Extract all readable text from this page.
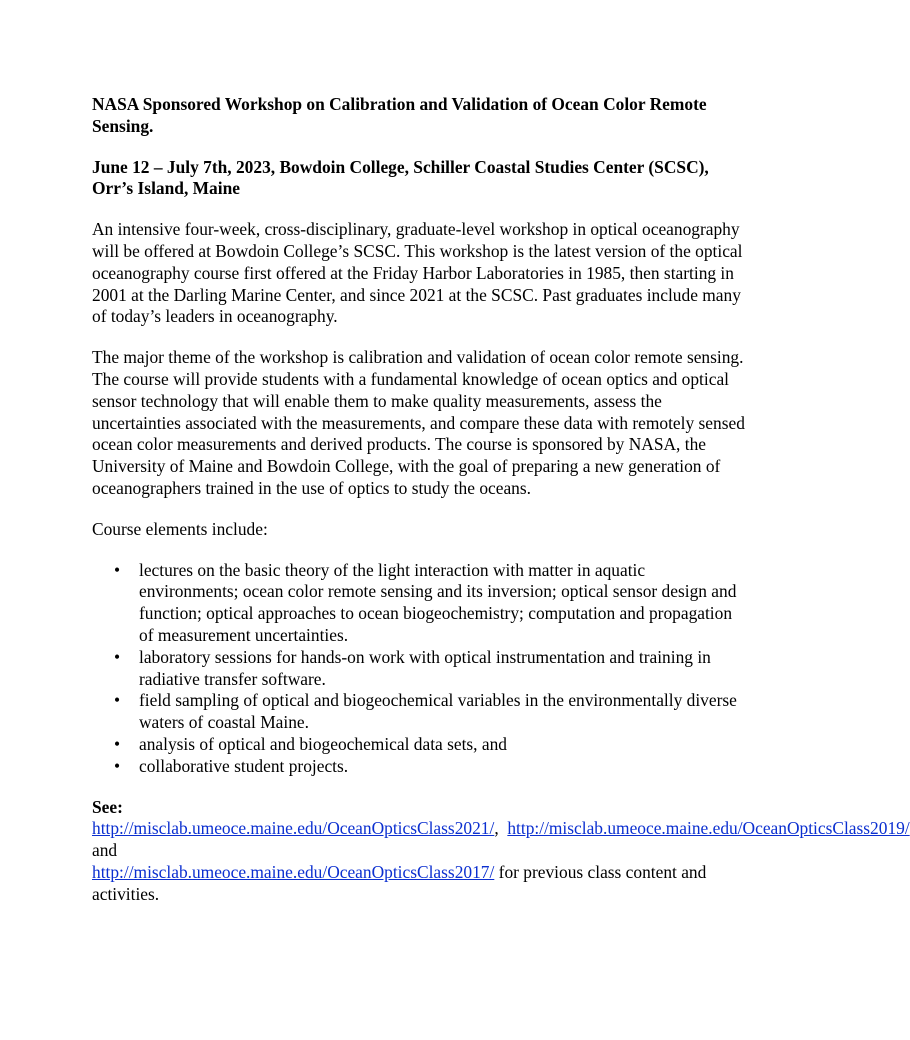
NASA Sponsored Workshop on Calibration and Validation of Ocean Color Remote Sensing.
June 12 – July 7th, 2023, Bowdoin College, Schiller Coastal Studies Center (SCSC), Orr’s Island, Maine
An intensive four-week, cross-disciplinary, graduate-level workshop in optical oceanography will be offered at Bowdoin College’s SCSC. This workshop is the latest version of the optical oceanography course first offered at the Friday Harbor Laboratories in 1985, then starting in 2001 at the Darling Marine Center, and since 2021 at the SCSC. Past graduates include many of today’s leaders in oceanography.
The major theme of the workshop is calibration and validation of ocean color remote sensing. The course will provide students with a fundamental knowledge of ocean optics and optical sensor technology that will enable them to make quality measurements, assess the uncertainties associated with the measurements, and compare these data with remotely sensed ocean color measurements and derived products. The course is sponsored by NASA, the University of Maine and Bowdoin College, with the goal of preparing a new generation of oceanographers trained in the use of optics to study the oceans.
Course elements include:
• lectures on the basic theory of the light interaction with matter in aquatic environments; ocean color remote sensing and its inversion; optical sensor design and function; optical approaches to ocean biogeochemistry; computation and propagation of measurement uncertainties.
• laboratory sessions for hands-on work with optical instrumentation and training in radiative transfer software.
• field sampling of optical and biogeochemical variables in the environmentally diverse waters of coastal Maine.
• analysis of optical and biogeochemical data sets, and
• collaborative student projects.
See:
http://misclab.umeoce.maine.edu/OceanOpticsClass2021/,  http://misclab.umeoce.maine.edu/OceanOpticsClass2019/ and
http://misclab.umeoce.maine.edu/OceanOpticsClass2017/ for previous class content and activities.
